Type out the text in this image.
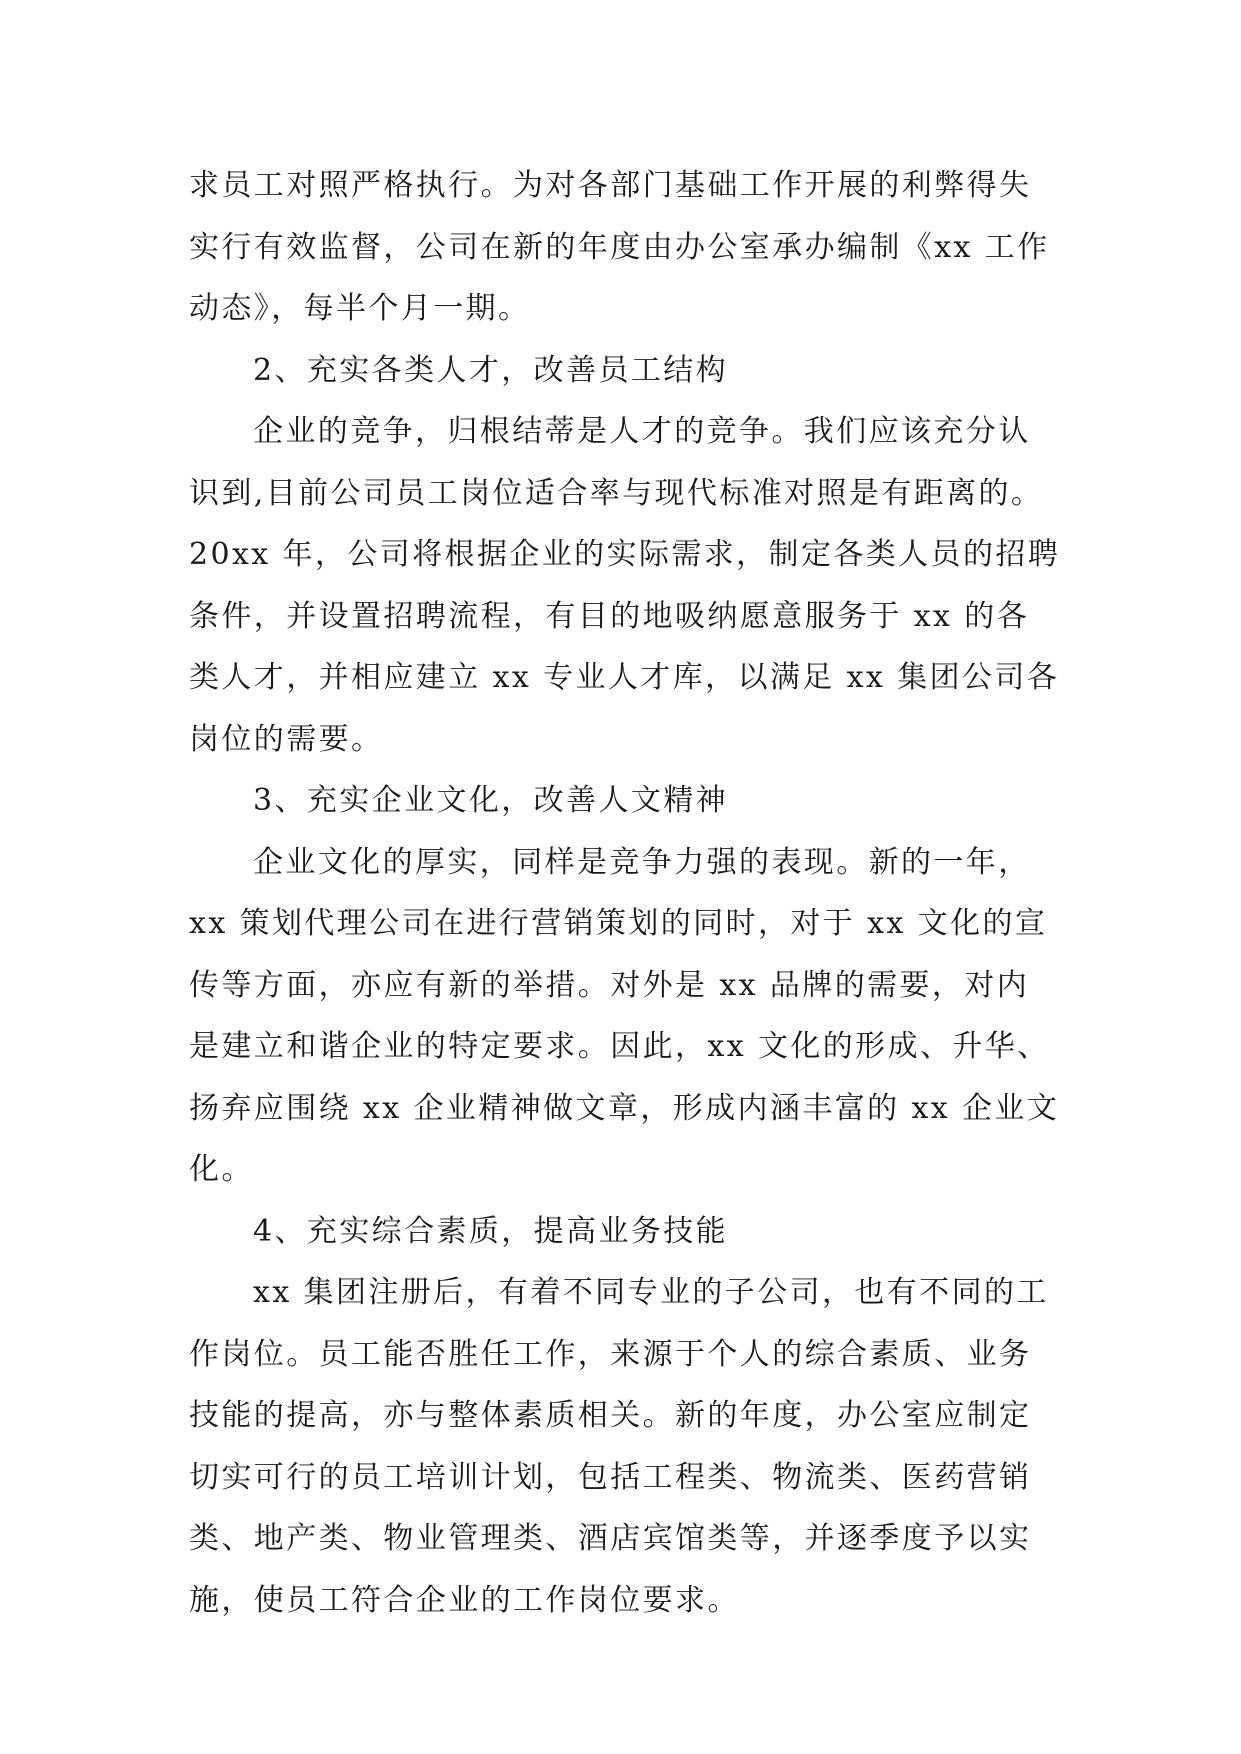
求员工对照严格执行。为对各部门基础工作开展的利弊得失
实行有效监督，公司在新的年度由办公室承办编制《xx 工作
动态》，每半个月一期。
2、充实各类人才，改善员工结构
企业的竞争，归根结蒂是人才的竞争。我们应该充分认
识到,目前公司员工岗位适合率与现代标准对照是有距离的。
20xx 年，公司将根据企业的实际需求，制定各类人员的招聘
条件，并设置招聘流程，有目的地吸纳愿意服务于 xx 的各
类人才，并相应建立 xx 专业人才库，以满足 xx 集团公司各
岗位的需要。
3、充实企业文化，改善人文精神
企业文化的厚实，同样是竞争力强的表现。新的一年，
xx 策划代理公司在进行营销策划的同时，对于 xx 文化的宣
传等方面，亦应有新的举措。对外是 xx 品牌的需要，对内
是建立和谐企业的特定要求。因此，xx 文化的形成、升华、
扬弃应围绕 xx 企业精神做文章，形成内涵丰富的 xx 企业文
化。
4、充实综合素质，提高业务技能
xx 集团注册后，有着不同专业的子公司，也有不同的工
作岗位。员工能否胜任工作，来源于个人的综合素质、业务
技能的提高，亦与整体素质相关。新的年度，办公室应制定
切实可行的员工培训计划，包括工程类、物流类、医药营销
类、地产类、物业管理类、酒店宾馆类等，并逐季度予以实
施，使员工符合企业的工作岗位要求。
